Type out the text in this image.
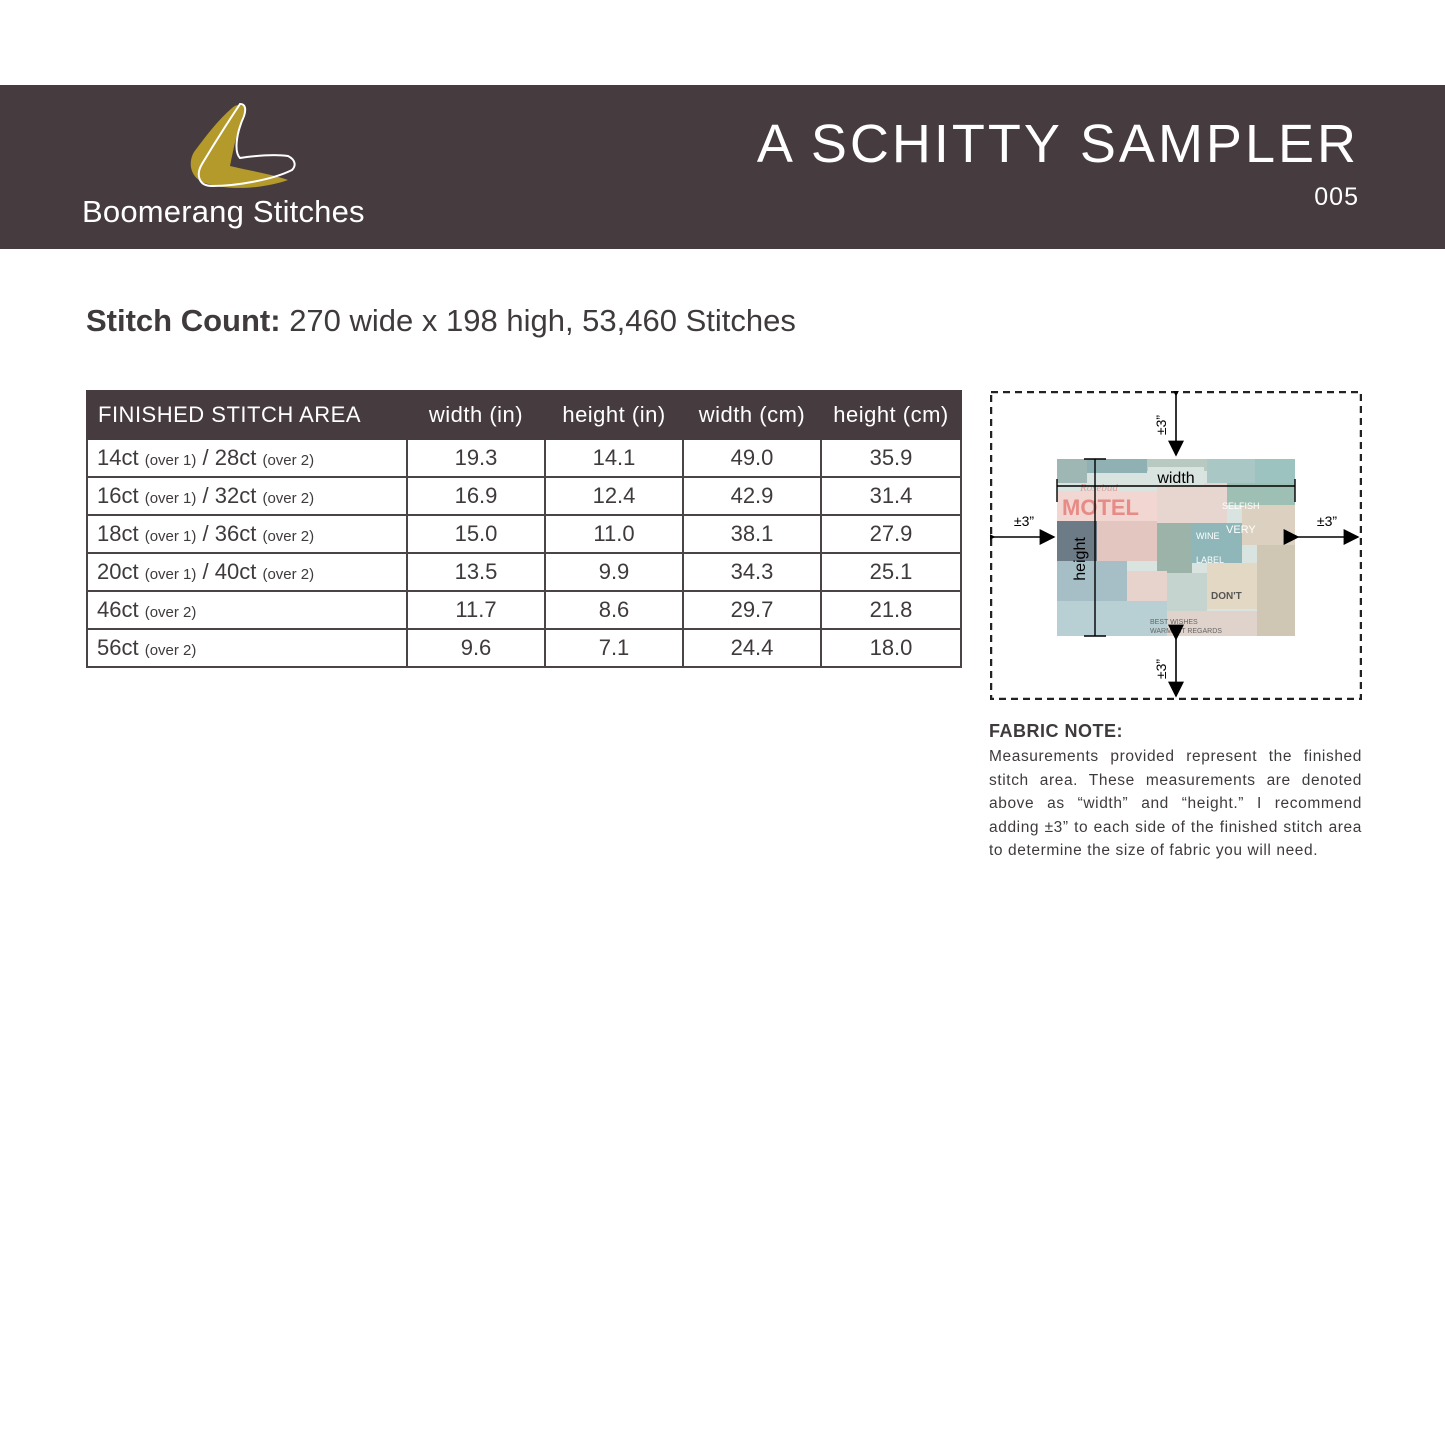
Boomerang Stitches
A SCHITTY SAMPLER
005
Stitch Count: 270 wide x 198 high, 53,460 Stitches
FINISHED STITCH AREA	width (in)	height (in)	width (cm)	height (cm)
14ct (over 1) / 28ct (over 2)	19.3	14.1	49.0	35.9
16ct (over 1) / 32ct (over 2)	16.9	12.4	42.9	31.4
18ct (over 1) / 36ct (over 2)	15.0	11.0	38.1	27.9
20ct (over 1) / 40ct (over 2)	13.5	9.9	34.3	25.1
46ct (over 2)	11.7	8.6	29.7	21.8
56ct (over 2)	9.6	7.1	24.4	18.0
MOTEL
Rosebud
DON'T
VERY
BEST WISHES
WARMEST REGARDS
SELFISH
WINE
LABEL
width
height
±3”
±3”
±3”	±3”
FABRIC NOTE:
Measurements provided represent the finished stitch area. These measurements are denoted above as “width” and “height.” I recommend adding ±3” to each side of the finished stitch area to determine the size of fabric you will need.
